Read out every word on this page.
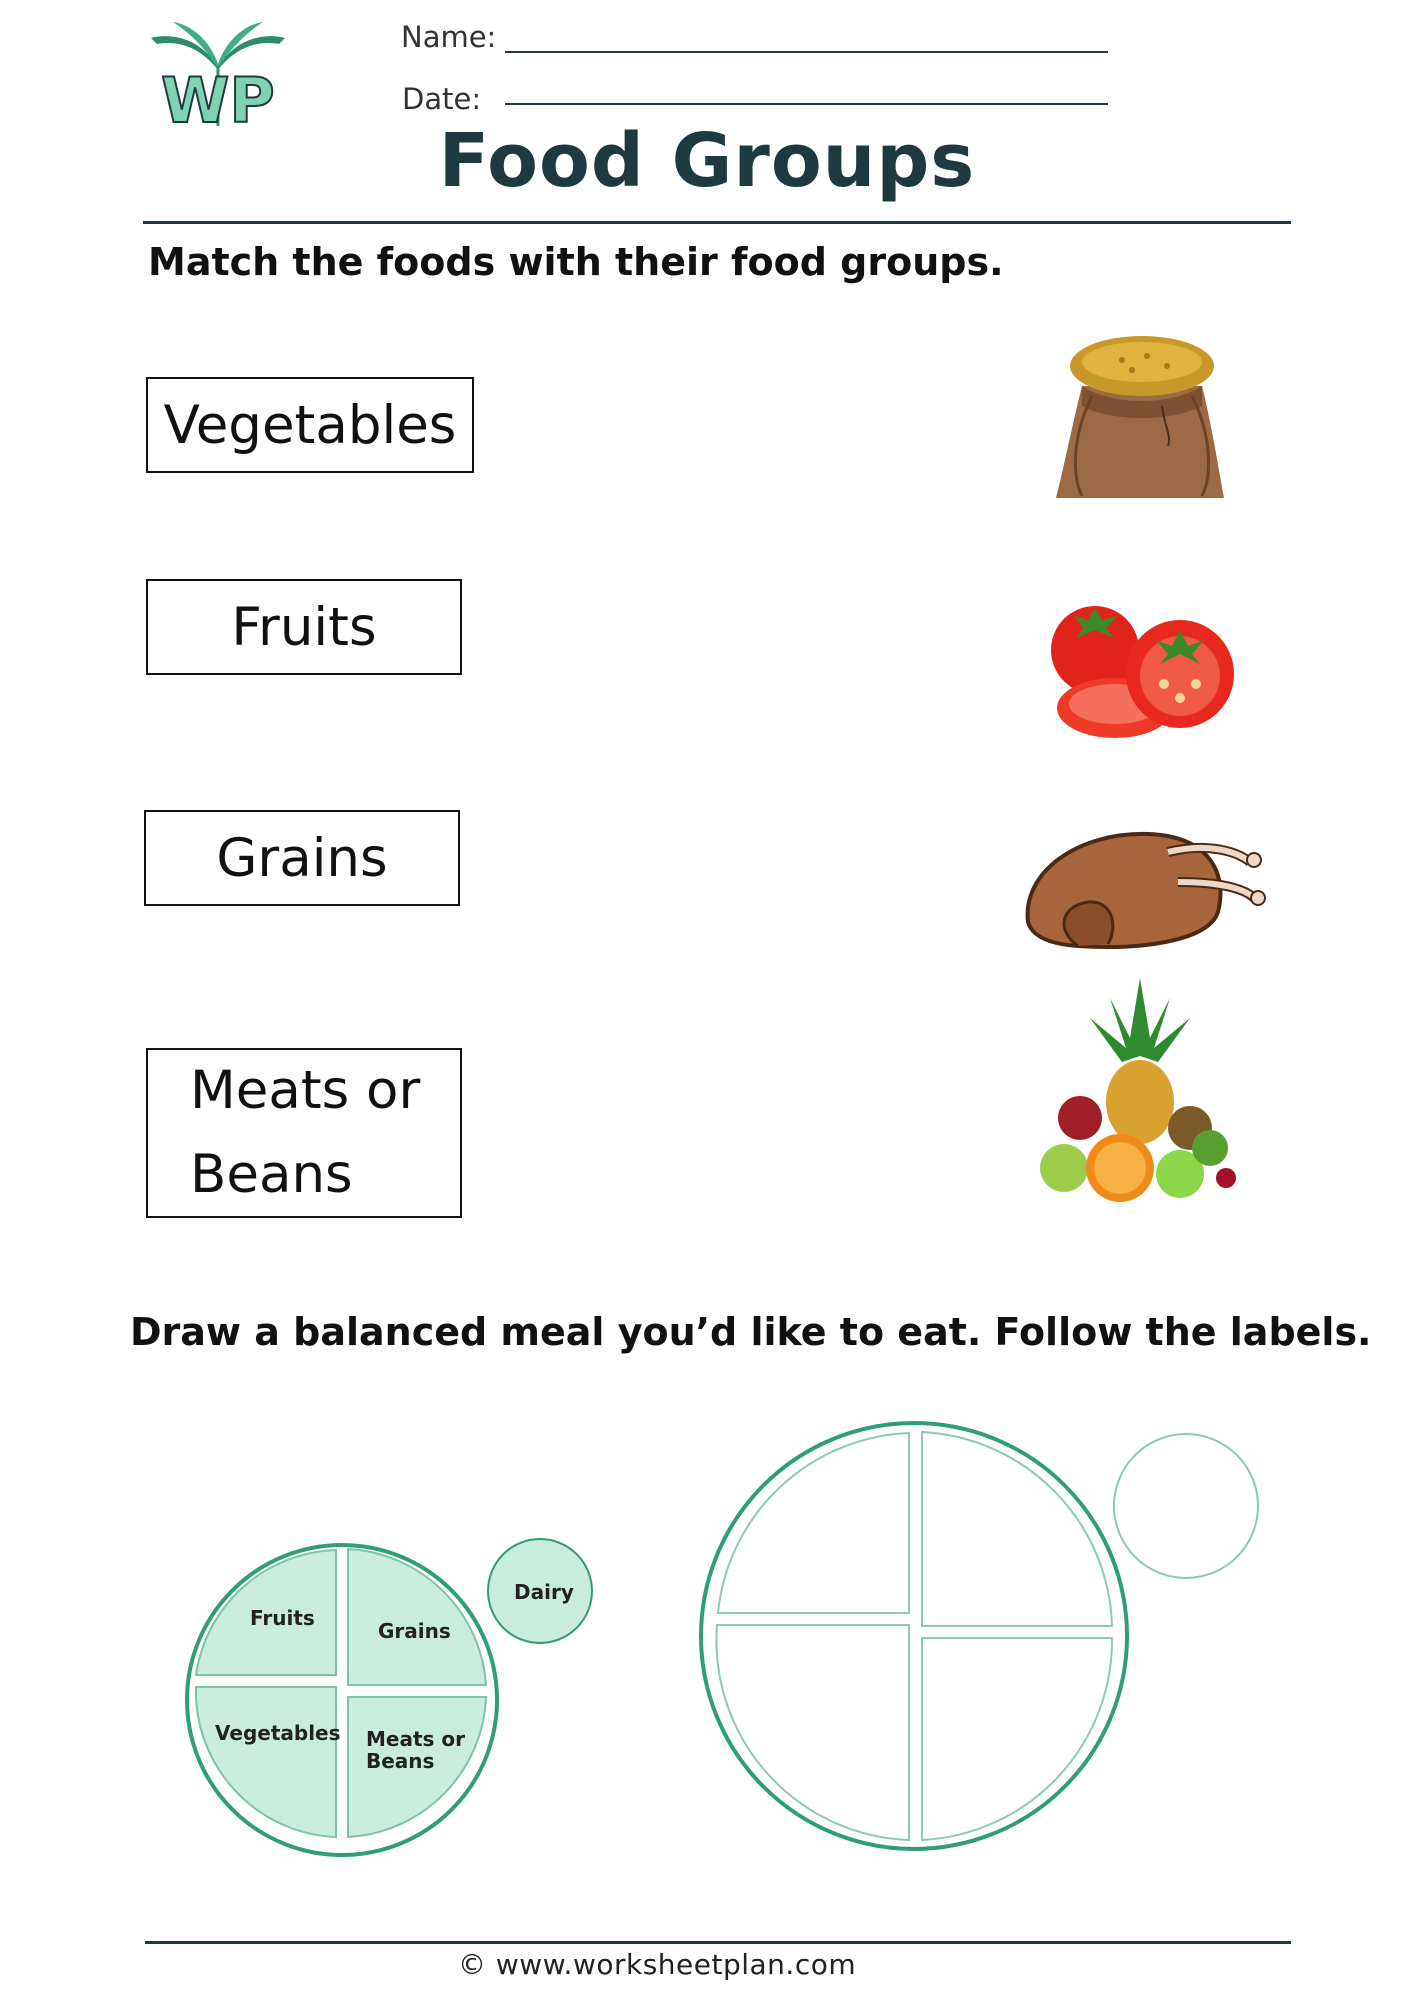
WP
Name:
Date:
Food Groups
Match the foods with their food groups.
Vegetables
Fruits
Grains
Meats or
Beans
Draw a balanced meal you’d like to eat. Follow the labels.
Fruits
Grains
Vegetables Meats or
Beans
Dairy
© www.worksheetplan.com
